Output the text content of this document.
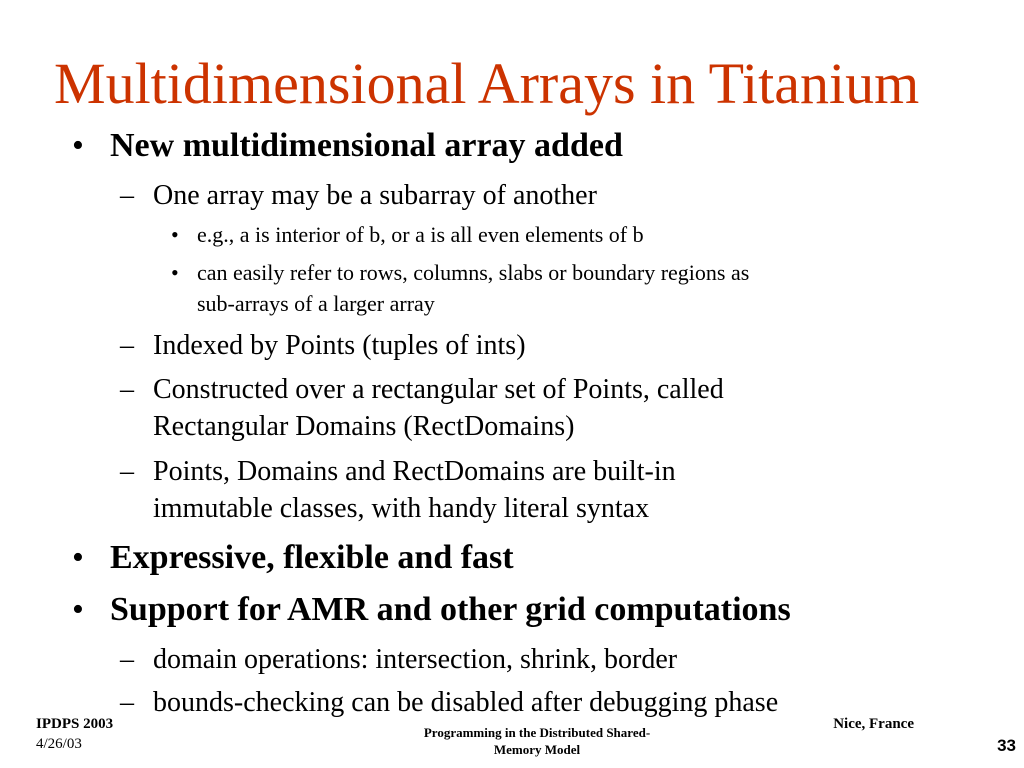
Multidimensional Arrays in Titanium
• New multidimensional array added
– One array may be a subarray of another
• e.g., a is interior of b, or a is all even elements of b
• can easily refer to rows, columns, slabs or boundary regions as
sub-arrays of a larger array
– Indexed by Points (tuples of ints)
– Constructed over a rectangular set of Points, called
Rectangular Domains (RectDomains)
– Points, Domains and RectDomains are built-in
immutable classes, with handy literal syntax
• Expressive, flexible and fast
• Support for AMR and other grid computations
– domain operations: intersection, shrink, border
– bounds-checking can be disabled after debugging phase
IPDPS 2003
4/26/03
Programming in the Distributed Shared-
Memory Model
Nice, France
33
